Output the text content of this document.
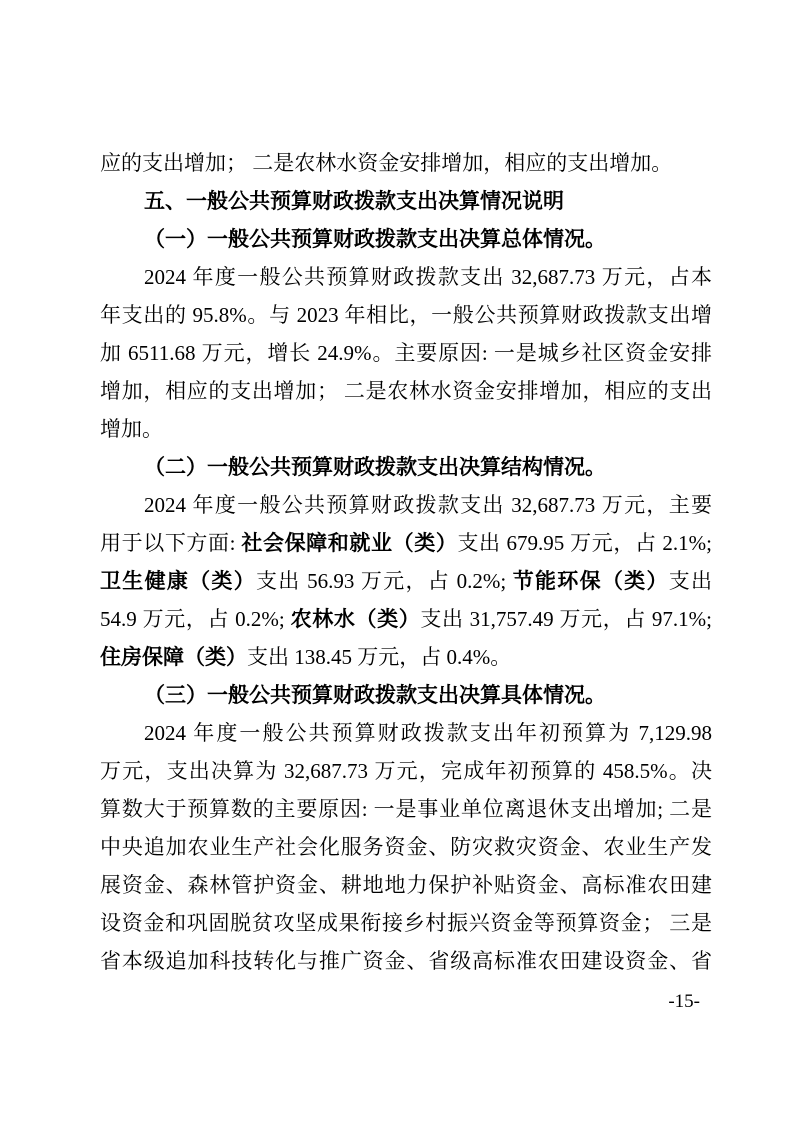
应的支出增加； 二是农林水资金安排增加，相应的支出增加。
五、一般公共预算财政拨款支出决算情况说明
（一）一般公共预算财政拨款支出决算总体情况。
2024 年度一般公共预算财政拨款支出 32,687.73 万元，占本
年支出的 95.8%。与 2023 年相比，一般公共预算财政拨款支出增
加 6511.68 万元，增长 24.9%。主要原因: 一是城乡社区资金安排
增加，相应的支出增加； 二是农林水资金安排增加，相应的支出
增加。
（二）一般公共预算财政拨款支出决算结构情况。
2024 年度一般公共预算财政拨款支出 32,687.73 万元，主要
用于以下方面: 社会保障和就业（类）支出 679.95 万元，占 2.1%;
卫生健康（类）支出 56.93 万元，占 0.2%; 节能环保（类）支出
54.9 万元，占 0.2%; 农林水（类）支出 31,757.49 万元，占 97.1%;
住房保障（类）支出 138.45 万元，占 0.4%。
（三）一般公共预算财政拨款支出决算具体情况。
2024 年度一般公共预算财政拨款支出年初预算为 7,129.98
万元，支出决算为 32,687.73 万元，完成年初预算的 458.5%。决
算数大于预算数的主要原因: 一是事业单位离退休支出增加; 二是
中央追加农业生产社会化服务资金、防灾救灾资金、农业生产发
展资金、森林管护资金、耕地地力保护补贴资金、高标准农田建
设资金和巩固脱贫攻坚成果衔接乡村振兴资金等预算资金； 三是
省本级追加科技转化与推广资金、省级高标准农田建设资金、省
-15-
